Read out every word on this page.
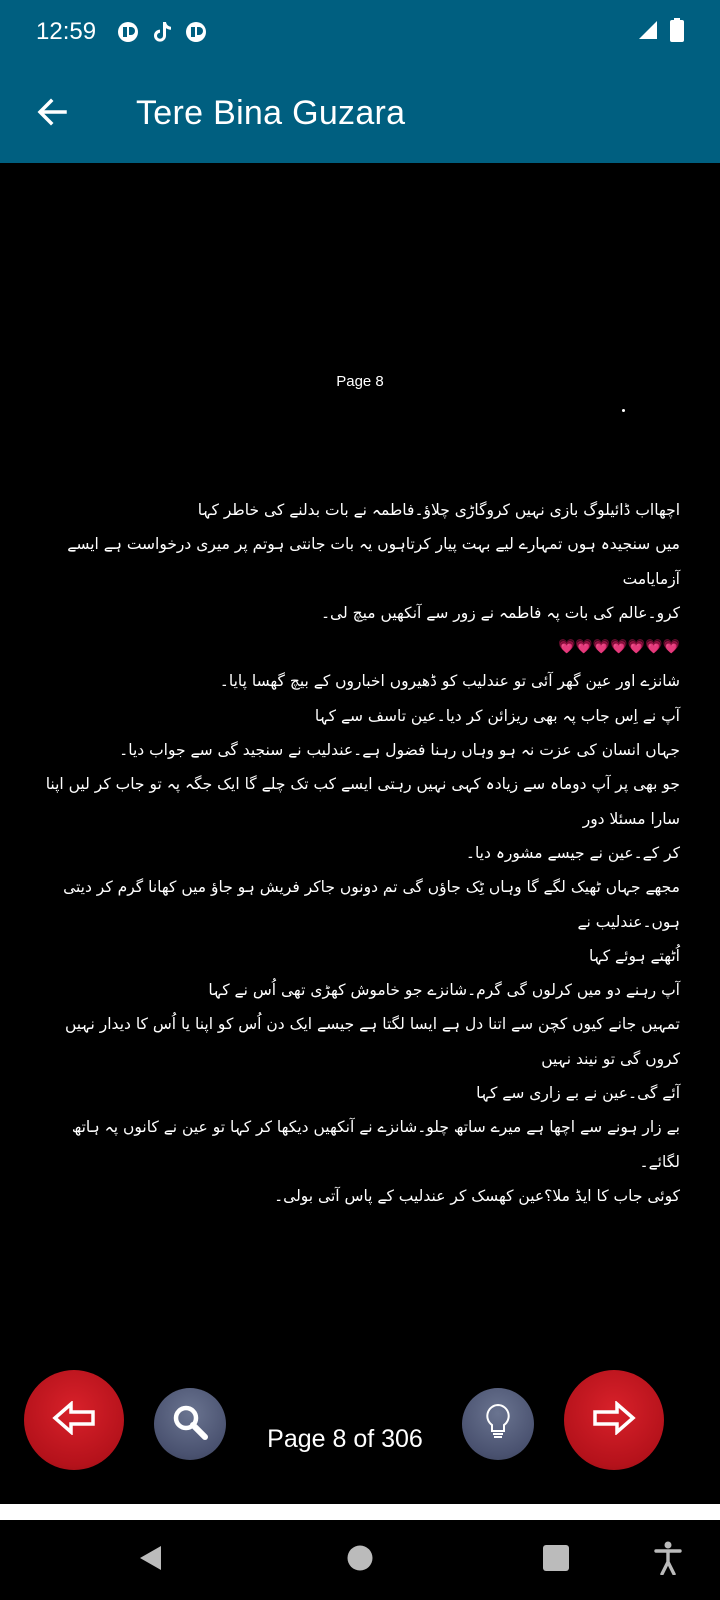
12:59
Tere Bina Guzara
Page 8

اچھااب ڈائیلوگ بازی نہیں کروگاڑی چلاؤ۔فاطمہ نے بات بدلنے کی خاطر کہا

میں سنجیدہ ہوں تمہارے لیے بہت پیار کرتاہوں یہ بات جانتی ہوتم پر میری درخواست ہے ایسے آزمایامت

کرو۔عالم کی بات پہ فاطمہ نے زور سے آنکھیں میچ لی۔

💗💗💗💗💗💗💗

شانزے اور عین گھر آئی تو عندلیب کو ڈھیروں اخباروں کے بیچ گھسا پایا۔

آپ نے اِس جاب پہ بھی ریزائن کر دیا۔عین تاسف سے کہا

جہاں انسان کی عزت نہ ہو وہاں رہنا فضول ہے۔عندلیب نے سنجید گی سے جواب دیا۔

جو بھی پر آپ دوماہ سے زیادہ کہی نہیں رہتی ایسے کب تک چلے گا ایک جگہ پہ تو جاب کر لیں اپنا سارا مسئلا دور

کر کے۔عین نے جیسے مشورہ دیا۔

مجھے جہاں ٹھیک لگے گا وہاں ٹِک جاؤں گی تم دونوں جاکر فریش ہو جاؤ میں کھانا گرم کر دیتی ہوں۔عندلیب نے

اُٹھتے ہوئے کہا

آپ رہنے دو میں کرلوں گی گرم۔شانزے جو خاموش کھڑی تھی اُس نے کہا

تمہیں جانے کیوں کچن سے اتنا دل ہے ایسا لگتا ہے جیسے ایک دن اُس کو اپنا یا اُس کا دیدار نہیں کروں گی تو نیند نہیں

آئے گی۔عین نے بے زاری سے کہا

بے زار ہونے سے اچھا ہے میرے ساتھ چلو۔شانزے نے آنکھیں دیکھا کر کہا تو عین نے کانوں پہ ہاتھ لگائے۔

کوئی جاب کا ایڈ ملا؟عین کھسک کر عندلیب کے پاس آتی بولی۔

Page 8 of 306
